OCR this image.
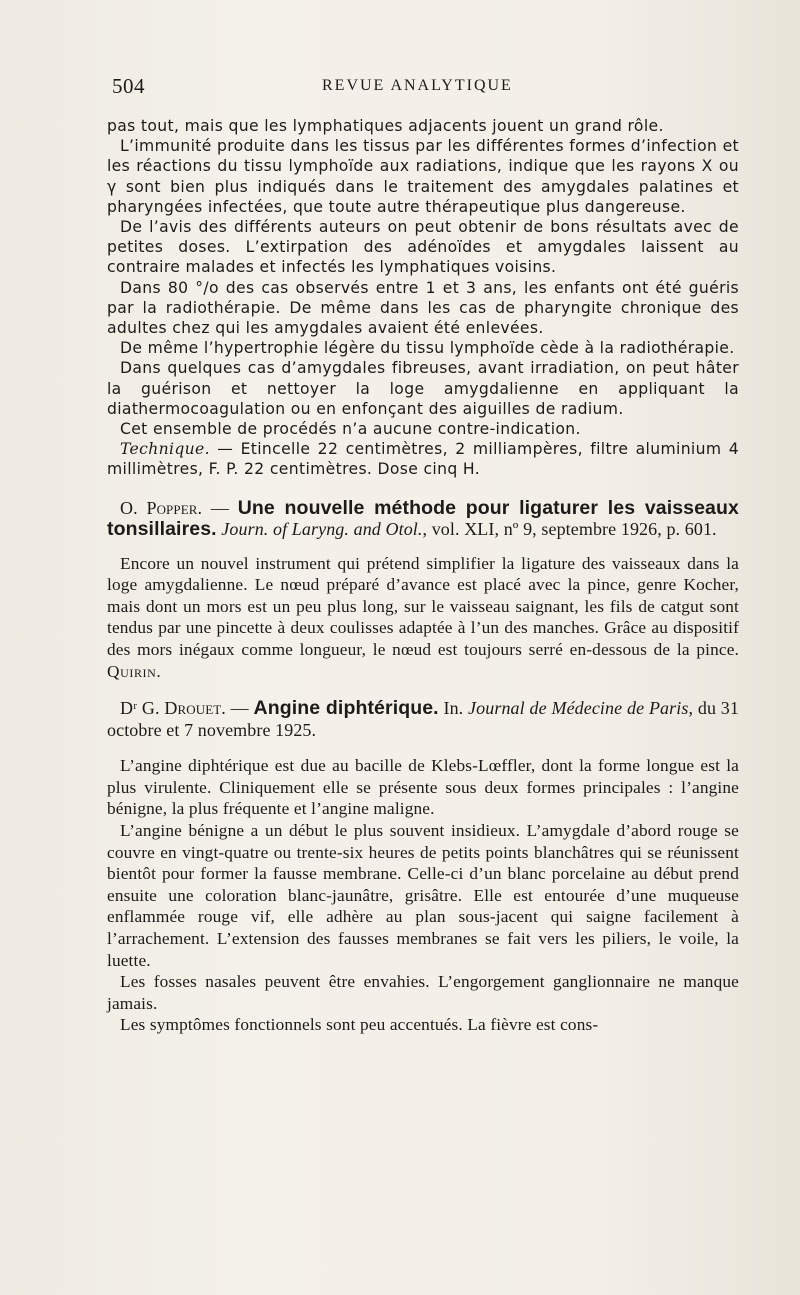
504	REVUE ANALYTIQUE

pas tout, mais que les lymphatiques adjacents jouent un grand rôle.

L’immunité produite dans les tissus par les différentes formes d’infection et les réactions du tissu lymphoïde aux radiations, indique que les rayons X ou γ sont bien plus indiqués dans le traitement des amygdales palatines et pharyngées infectées, que toute autre thérapeutique plus dangereuse.

De l’avis des différents auteurs on peut obtenir de bons résultats avec de petites doses. L’extirpation des adénoïdes et amygdales laissent au contraire malades et infectés les lymphatiques voisins.

Dans 80 °/o des cas observés entre 1 et 3 ans, les enfants ont été guéris par la radiothérapie. De même dans les cas de pharyngite chronique des adultes chez qui les amygdales avaient été enlevées.

De même l’hypertrophie légère du tissu lymphoïde cède à la radiothérapie.

Dans quelques cas d’amygdales fibreuses, avant irradiation, on peut hâter la guérison et nettoyer la loge amygdalienne en appliquant la diathermocoagulation ou en enfonçant des aiguilles de radium.

Cet ensemble de procédés n’a aucune contre-indication.

Technique. — Etincelle 22 centimètres, 2 milliampères, filtre aluminium 4 millimètres, F. P. 22 centimètres. Dose cinq H.

O. Popper. — Une nouvelle méthode pour ligaturer les vaisseaux tonsillaires. Journ. of Laryng. and Otol., vol. XLI, nº 9, septembre 1926, p. 601.

Encore un nouvel instrument qui prétend simplifier la ligature des vaisseaux dans la loge amygdalienne. Le nœud préparé d’avance est placé avec la pince, genre Kocher, mais dont un mors est un peu plus long, sur le vaisseau saignant, les fils de catgut sont tendus par une pincette à deux coulisses adaptée à l’un des manches. Grâce au dispositif des mors inégaux comme longueur, le nœud est toujours serré en-dessous de la pince. Quirin.

Dʳ G. Drouet. — Angine diphtérique. In. Journal de Médecine de Paris, du 31 octobre et 7 novembre 1925.

L’angine diphtérique est due au bacille de Klebs-Lœffler, dont la forme longue est la plus virulente. Cliniquement elle se présente sous deux formes principales : l’angine bénigne, la plus fréquente et l’angine maligne.

L’angine bénigne a un début le plus souvent insidieux. L’amygdale d’abord rouge se couvre en vingt-quatre ou trente-six heures de petits points blanchâtres qui se réunissent bientôt pour former la fausse membrane. Celle-ci d’un blanc porcelaine au début prend ensuite une coloration blanc-jaunâtre, grisâtre. Elle est entourée d’une muqueuse enflammée rouge vif, elle adhère au plan sous-jacent qui saigne facilement à l’arrachement. L’extension des fausses membranes se fait vers les piliers, le voile, la luette.

Les fosses nasales peuvent être envahies. L’engorgement ganglionnaire ne manque jamais.

Les symptômes fonctionnels sont peu accentués. La fièvre est cons-
